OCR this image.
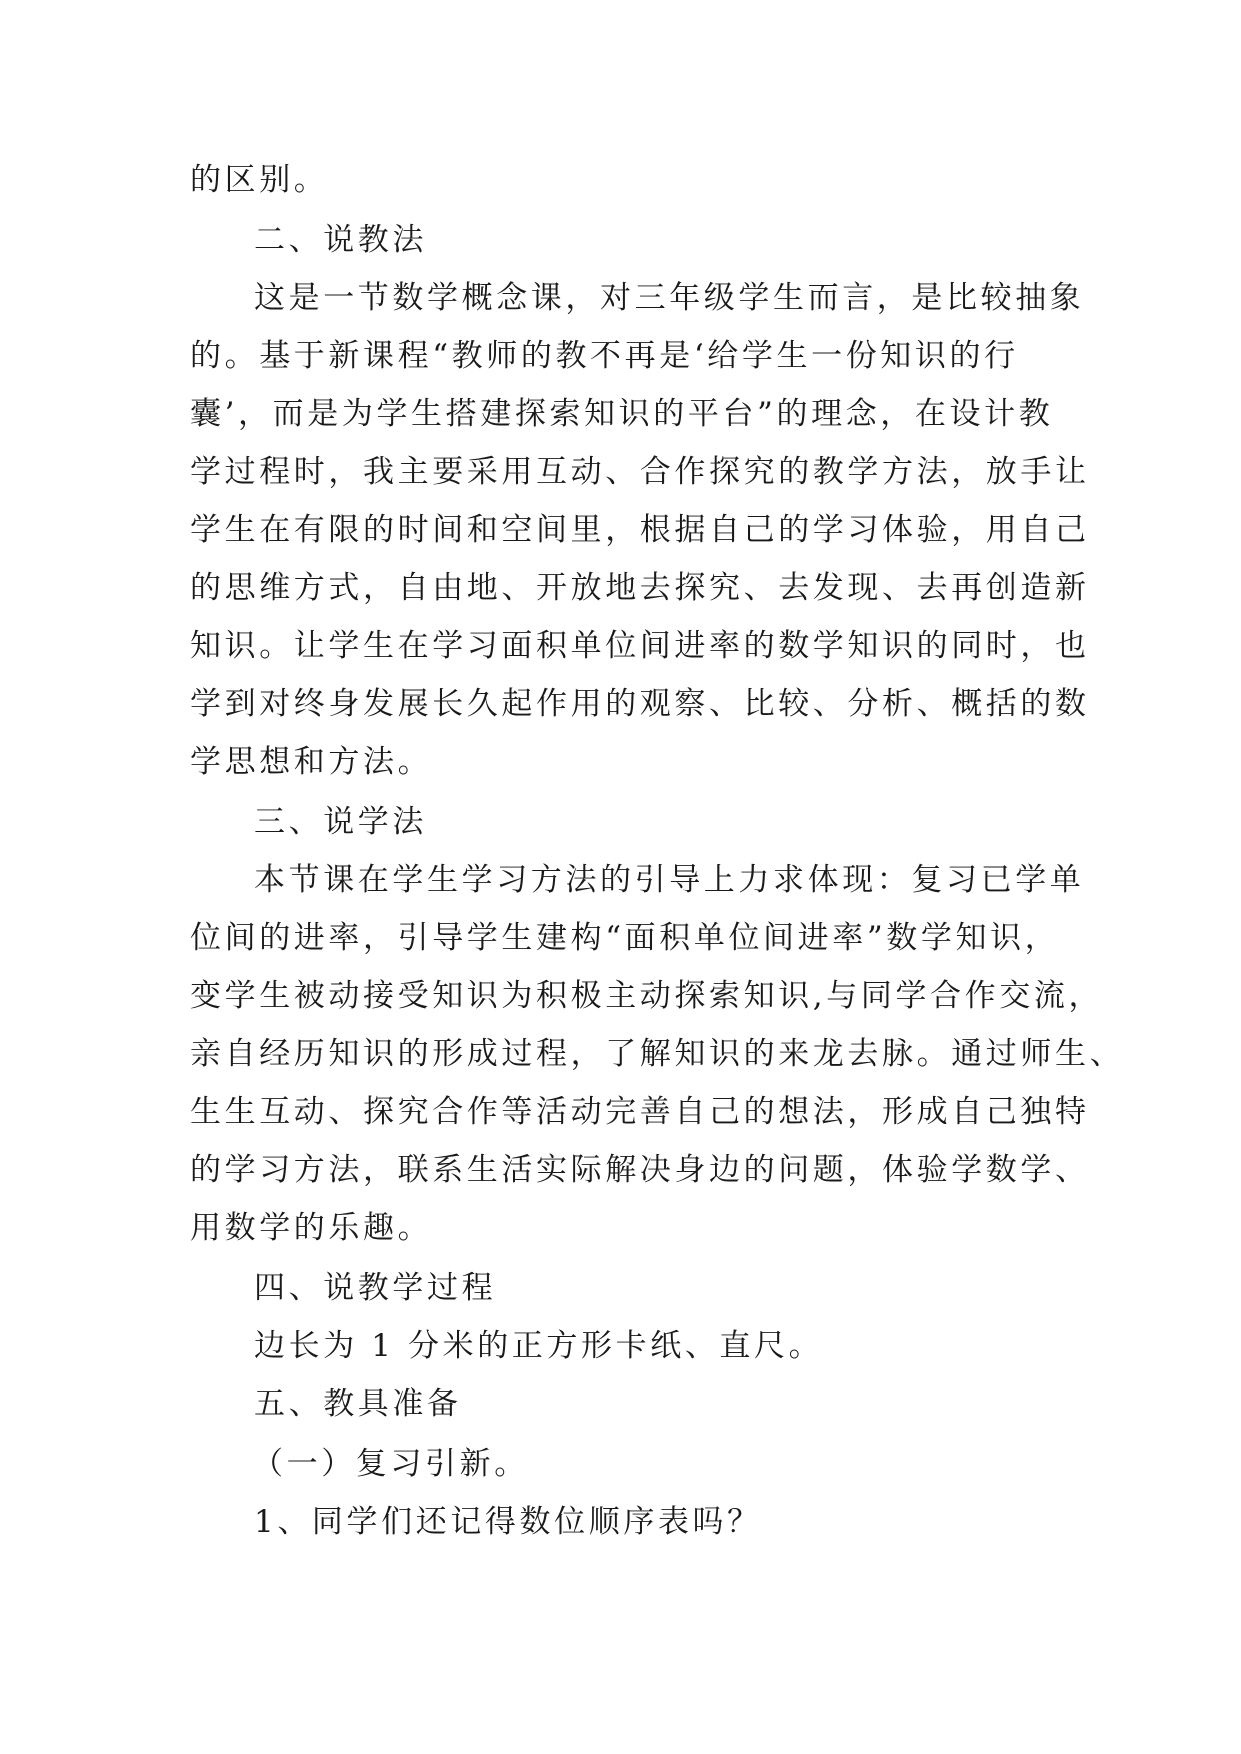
的区别。
二、说教法
这是一节数学概念课，对三年级学生而言，是比较抽象
的。基于新课程“教师的教不再是‘给学生一份知识的行
囊’，而是为学生搭建探索知识的平台”的理念，在设计教
学过程时，我主要采用互动、合作探究的教学方法，放手让
学生在有限的时间和空间里，根据自己的学习体验，用自己
的思维方式，自由地、开放地去探究、去发现、去再创造新
知识。让学生在学习面积单位间进率的数学知识的同时，也
学到对终身发展长久起作用的观察、比较、分析、概括的数
学思想和方法。
三、说学法
本节课在学生学习方法的引导上力求体现：复习已学单
位间的进率，引导学生建构“面积单位间进率”数学知识，
变学生被动接受知识为积极主动探索知识,与同学合作交流，
亲自经历知识的形成过程，了解知识的来龙去脉。通过师生、
生生互动、探究合作等活动完善自己的想法，形成自己独特
的学习方法，联系生活实际解决身边的问题，体验学数学、
用数学的乐趣。
四、说教学过程
边长为 1 分米的正方形卡纸、直尺。
五、教具准备
（一）复习引新。
1、同学们还记得数位顺序表吗？
